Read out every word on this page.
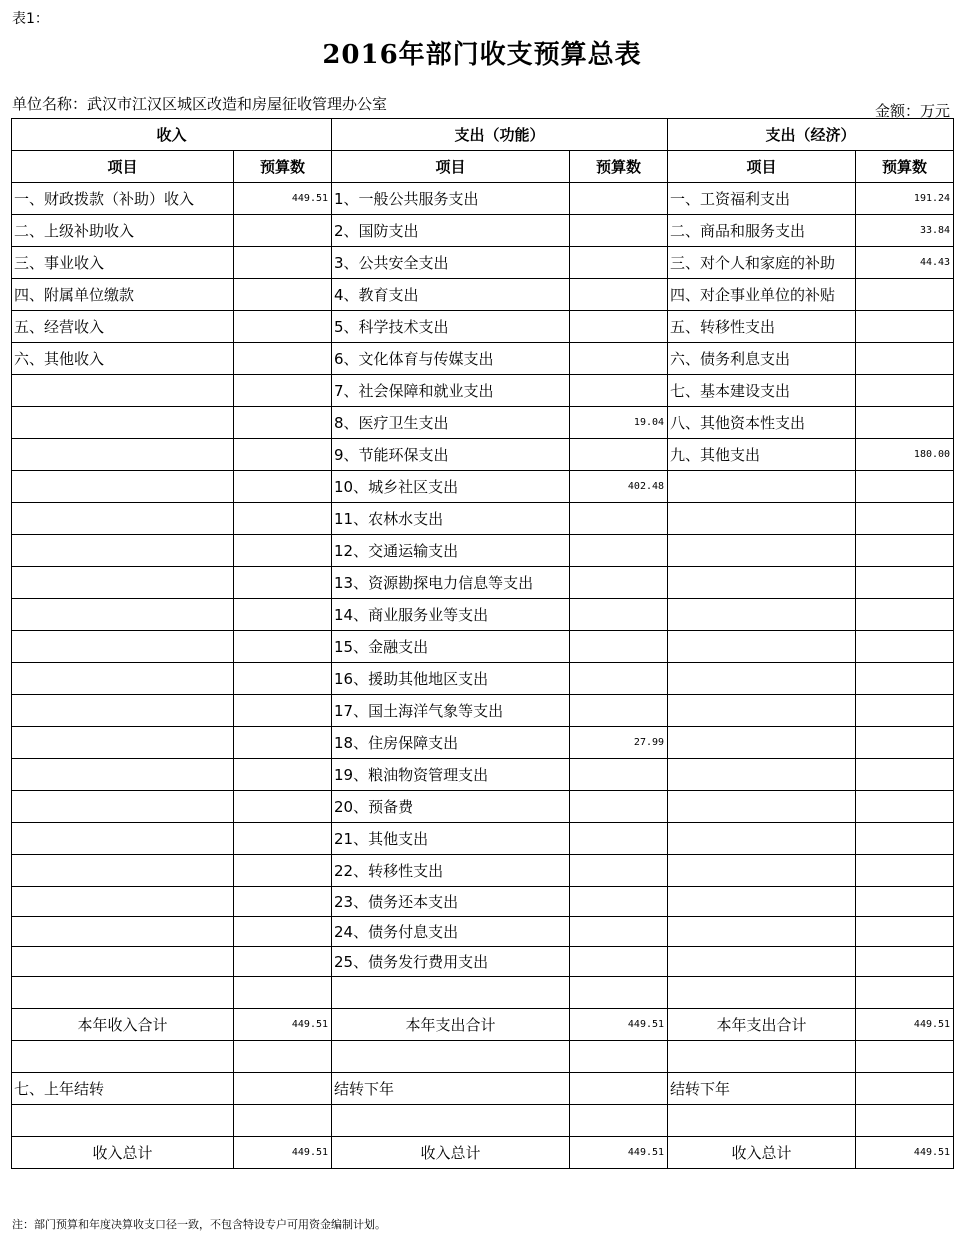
表1：
2016年部门收支预算总表
单位名称：武汉市江汉区城区改造和房屋征收管理办公室	金额：万元
收入		支出（功能）		支出（经济）	
项目	预算数	项目	预算数	项目	预算数
一、财政拨款（补助）收入	449.51	1、一般公共服务支出		一、工资福利支出	191.24
二、上级补助收入		2、国防支出		二、商品和服务支出	33.84
三、事业收入		3、公共安全支出		三、对个人和家庭的补助	44.43
四、附属单位缴款		4、教育支出		四、对企事业单位的补贴	
五、经营收入		5、科学技术支出		五、转移性支出	
六、其他收入		6、文化体育与传媒支出		六、债务利息支出	
		7、社会保障和就业支出		七、基本建设支出	
		8、医疗卫生支出	19.04	八、其他资本性支出	
		9、节能环保支出		九、其他支出	180.00
		10、城乡社区支出	402.48		
		11、农林水支出			
		12、交通运输支出			
		13、资源勘探电力信息等支出			
		14、商业服务业等支出			
		15、金融支出			
		16、援助其他地区支出			
		17、国土海洋气象等支出			
		18、住房保障支出	27.99		
		19、粮油物资管理支出			
		20、预备费			
		21、其他支出			
		22、转移性支出			
		23、债务还本支出			
		24、债务付息支出			
		25、债务发行费用支出			

本年收入合计	449.51	本年支出合计	449.51	本年支出合计	449.51

七、上年结转		结转下年		结转下年	

收入总计	449.51	收入总计	449.51	收入总计	449.51
注：部门预算和年度决算收支口径一致，不包含特设专户可用资金编制计划。
